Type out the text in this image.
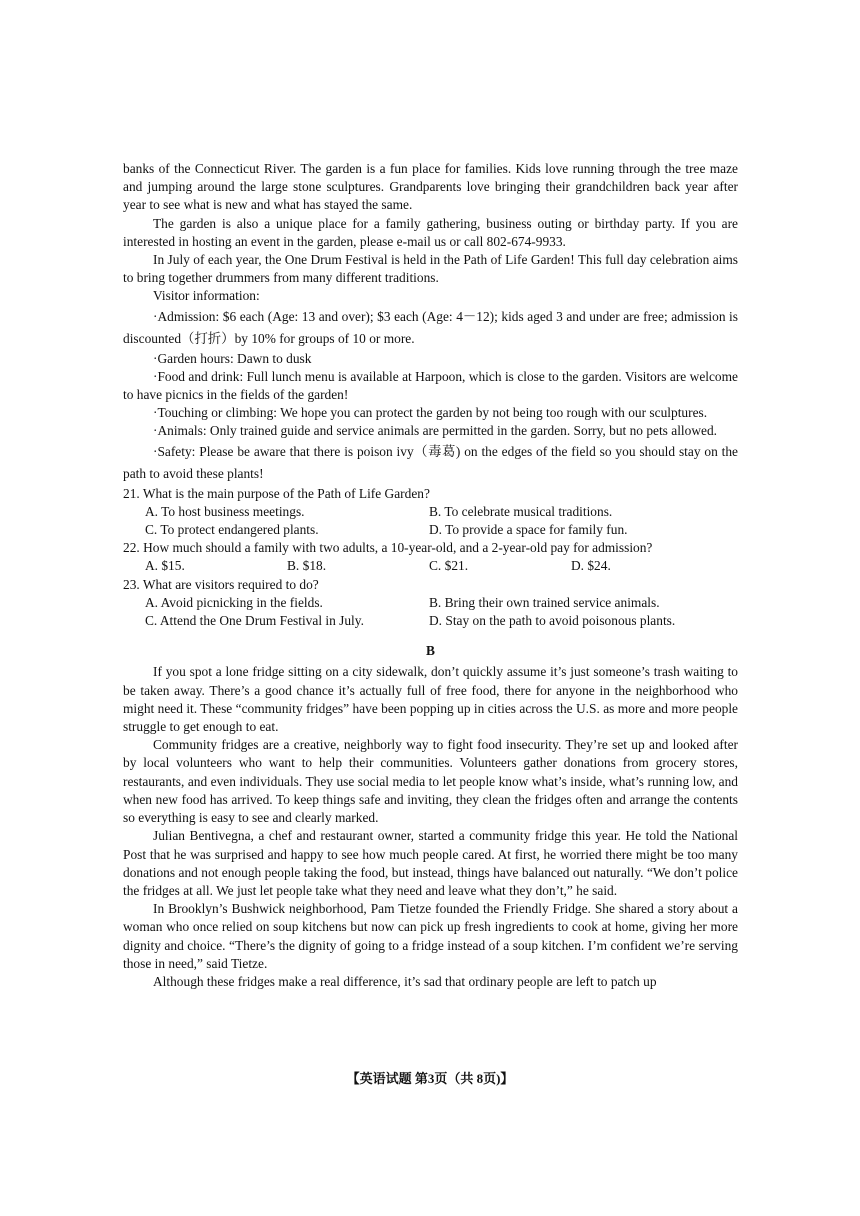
banks of the Connecticut River. The garden is a fun place for families. Kids love running through the tree maze and jumping around the large stone sculptures. Grandparents love bringing their grandchildren back year after year to see what is new and what has stayed the same.

The garden is also a unique place for a family gathering, business outing or birthday party. If you are interested in hosting an event in the garden, please e-mail us or call 802-674-9933.

In July of each year, the One Drum Festival is held in the Path of Life Garden! This full day celebration aims to bring together drummers from many different traditions.

Visitor information:

·Admission: $6 each (Age: 13 and over); $3 each (Age: 4－12); kids aged 3 and under are free; admission is discounted（打折）by 10% for groups of 10 or more.

·Garden hours: Dawn to dusk

·Food and drink: Full lunch menu is available at Harpoon, which is close to the garden. Visitors are welcome to have picnics in the fields of the garden!

·Touching or climbing: We hope you can protect the garden by not being too rough with our sculptures.

·Animals: Only trained guide and service animals are permitted in the garden. Sorry, but no pets allowed.

·Safety: Please be aware that there is poison ivy（毒葛) on the edges of the field so you should stay on the path to avoid these plants!

21. What is the main purpose of the Path of Life Garden?
A. To host business meetings.	B. To celebrate musical traditions.
C. To protect endangered plants.	D. To provide a space for family fun.
22. How much should a family with two adults, a 10-year-old, and a 2-year-old pay for admission?
A. $15.	B. $18.	C. $21.	D. $24.
23. What are visitors required to do?
A. Avoid picnicking in the fields.	B. Bring their own trained service animals.
C. Attend the One Drum Festival in July.	D. Stay on the path to avoid poisonous plants.
B

If you spot a lone fridge sitting on a city sidewalk, don’t quickly assume it’s just someone’s trash waiting to be taken away. There’s a good chance it’s actually full of free food, there for anyone in the neighborhood who might need it. These “community fridges” have been popping up in cities across the U.S. as more and more people struggle to get enough to eat.

Community fridges are a creative, neighborly way to fight food insecurity. They’re set up and looked after by local volunteers who want to help their communities. Volunteers gather donations from grocery stores, restaurants, and even individuals. They use social media to let people know what’s inside, what’s running low, and when new food has arrived. To keep things safe and inviting, they clean the fridges often and arrange the contents so everything is easy to see and clearly marked.

Julian Bentivegna, a chef and restaurant owner, started a community fridge this year. He told the National Post that he was surprised and happy to see how much people cared. At first, he worried there might be too many donations and not enough people taking the food, but instead, things have balanced out naturally. “We don’t police the fridges at all. We just let people take what they need and leave what they don’t,” he said.

In Brooklyn’s Bushwick neighborhood, Pam Tietze founded the Friendly Fridge. She shared a story about a woman who once relied on soup kitchens but now can pick up fresh ingredients to cook at home, giving her more dignity and choice. “There’s the dignity of going to a fridge instead of a soup kitchen. I’m confident we’re serving those in need,” said Tietze.

Although these fridges make a real difference, it’s sad that ordinary people are left to patch up

【英语试题 第3页（共 8页)】
